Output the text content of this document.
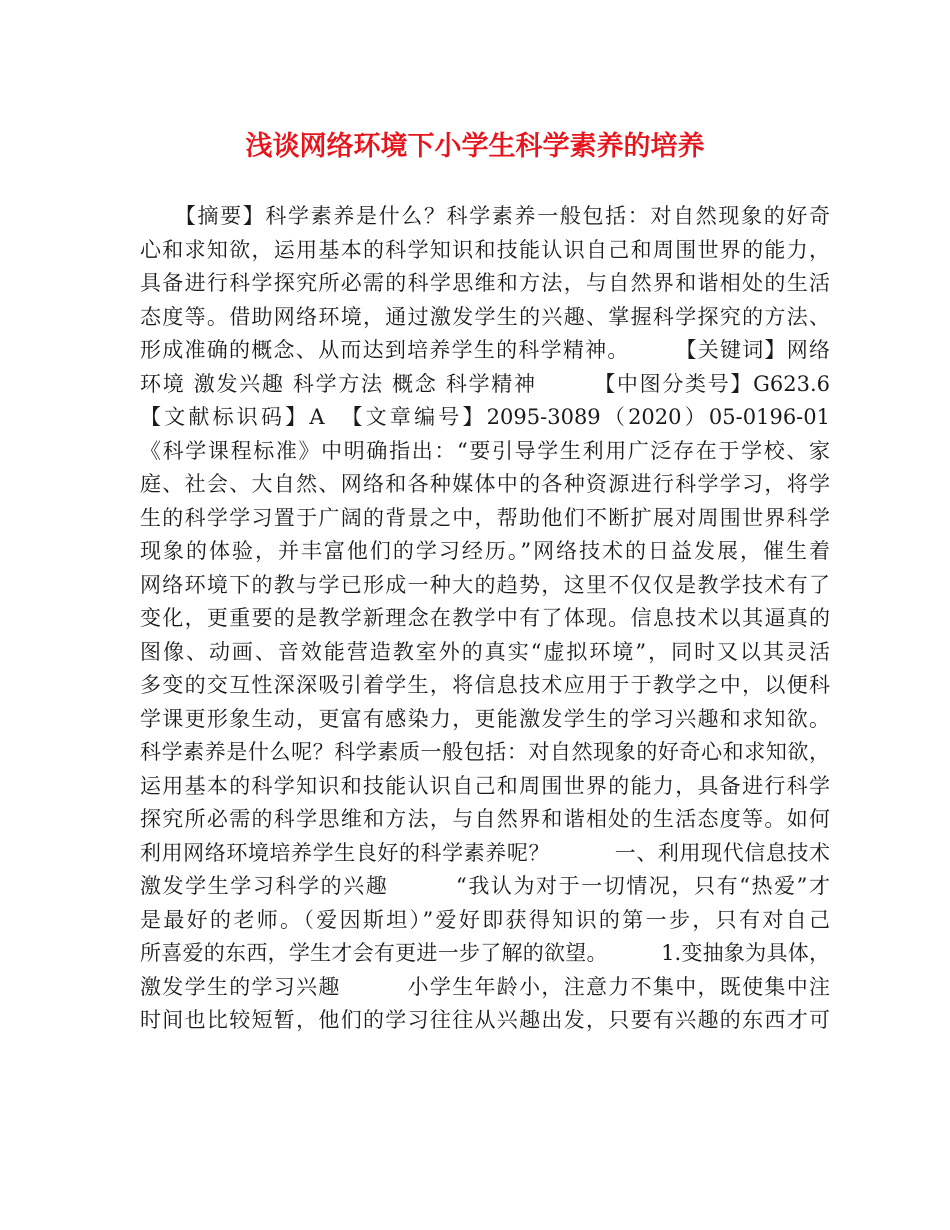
浅谈网络环境下小学生科学素养的培养
　　【摘要】科学素养是什么？科学素养一般包括：对自然现象的好奇
心和求知欲，运用基本的科学知识和技能认识自己和周围世界的能力，
具备进行科学探究所必需的科学思维和方法，与自然界和谐相处的生活
态度等。借助网络环境，通过激发学生的兴趣、掌握科学探究的方法、
形成准确的概念、从而达到培养学生的科学精神。　　　【关键词】网络
环境 激发兴趣 科学方法 概念 科学精神　　　【中图分类号】G623.6
【文献标识码】A　【文章编号】2095-3089（2020）05-0196-01
《科学课程标准》中明确指出：“要引导学生利用广泛存在于学校、家
庭、社会、大自然、网络和各种媒体中的各种资源进行科学学习，将学
生的科学学习置于广阔的背景之中，帮助他们不断扩展对周围世界科学
现象的体验，并丰富他们的学习经历。”网络技术的日益发展，催生着
网络环境下的教与学已形成一种大的趋势，这里不仅仅是教学技术有了
变化，更重要的是教学新理念在教学中有了体现。信息技术以其逼真的
图像、动画、音效能营造教室外的真实“虚拟环境”，同时又以其灵活
多变的交互性深深吸引着学生，将信息技术应用于于教学之中，以便科
学课更形象生动，更富有感染力，更能激发学生的学习兴趣和求知欲。
科学素养是什么呢？科学素质一般包括：对自然现象的好奇心和求知欲，
运用基本的科学知识和技能认识自己和周围世界的能力，具备进行科学
探究所必需的科学思维和方法，与自然界和谐相处的生活态度等。如何
利用网络环境培养学生良好的科学素养呢？　　　一、利用现代信息技术
激发学生学习科学的兴趣　　　“我认为对于一切情况，只有“热爱”才
是最好的老师。（爱因斯坦）”爱好即获得知识的第一步，只有对自己
所喜爱的东西，学生才会有更进一步了解的欲望。　　　1.变抽象为具体，
激发学生的学习兴趣　　　小学生年龄小，注意力不集中，既使集中注
时间也比较短暂，他们的学习往往从兴趣出发，只要有兴趣的东西才可
